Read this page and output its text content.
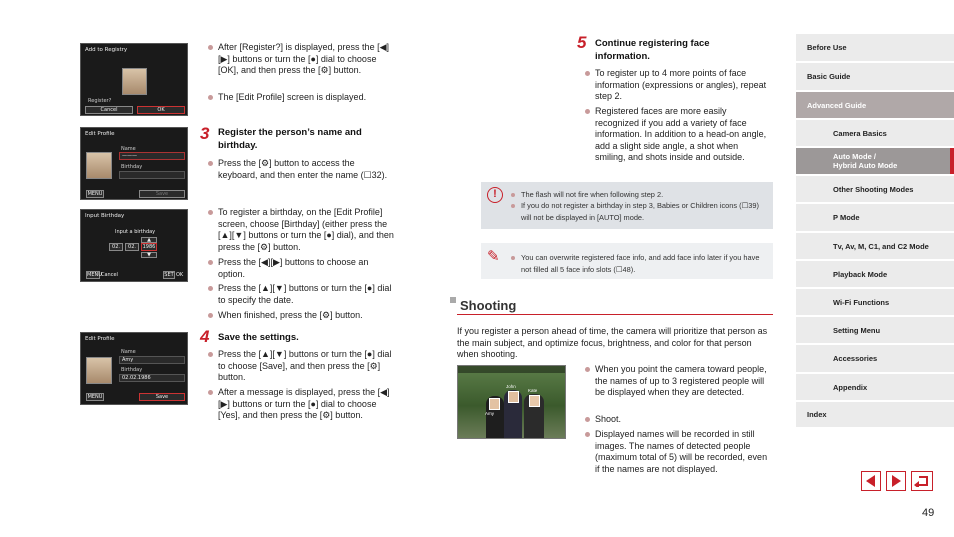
Add to Registry
Register?
Cancel	OK
After [Register?] is displayed, press the [◀][▶] buttons or turn the [●] dial to choose [OK], and then press the [⚙] button.
The [Edit Profile] screen is displayed.
3 Register the person’s name and birthday.
Edit Profile
Name
———
Birthday
MENU	Save
Press the [⚙] button to access the keyboard, and then enter the name (☐32).
Input Birthday
Input a birthday
▲
02.	02.	1986
▼
MENU Cancel	SET OK
To register a birthday, on the [Edit Profile] screen, choose [Birthday] (either press the [▲][▼] buttons or turn the [●] dial), and then press the [⚙] button.
Press the [◀][▶] buttons to choose an option.
Press the [▲][▼] buttons or turn the [●] dial to specify the date.
When finished, press the [⚙] button.
4 Save the settings.
Edit Profile
Name
Amy
Birthday
02.02.1986
MENU	Save
Press the [▲][▼] buttons or turn the [●] dial to choose [Save], and then press the [⚙] button.
After a message is displayed, press the [◀][▶] buttons or turn the [●] dial to choose [Yes], and then press the [⚙] button.
5 Continue registering face information.
To register up to 4 more points of face information (expressions or angles), repeat step 2.
Registered faces are more easily recognized if you add a variety of face information. In addition to a head-on angle, add a slight side angle, a shot when smiling, and shots inside and outside.
!	The flash will not fire when following step 2.
If you do not register a birthday in step 3, Babies or Children icons (☐39) will not be displayed in [AUTO] mode.
✎	You can overwrite registered face info, and add face info later if you have not filled all 5 face info slots (☐48).
Shooting
If you register a person ahead of time, the camera will prioritize that person as the main subject, and optimize focus, brightness, and color for that person when shooting.
Amy
John
Kate
When you point the camera toward people, the names of up to 3 registered people will be displayed when they are detected.
Shoot.
Displayed names will be recorded in still images. The names of detected people (maximum total of 5) will be recorded, even if the names are not displayed.
Before Use
Basic Guide
Advanced Guide
Camera Basics
Auto Mode /
Hybrid Auto Mode
Other Shooting Modes
P Mode
Tv, Av, M, C1, and C2 Mode
Playback Mode
Wi-Fi Functions
Setting Menu
Accessories
Appendix
Index
49
